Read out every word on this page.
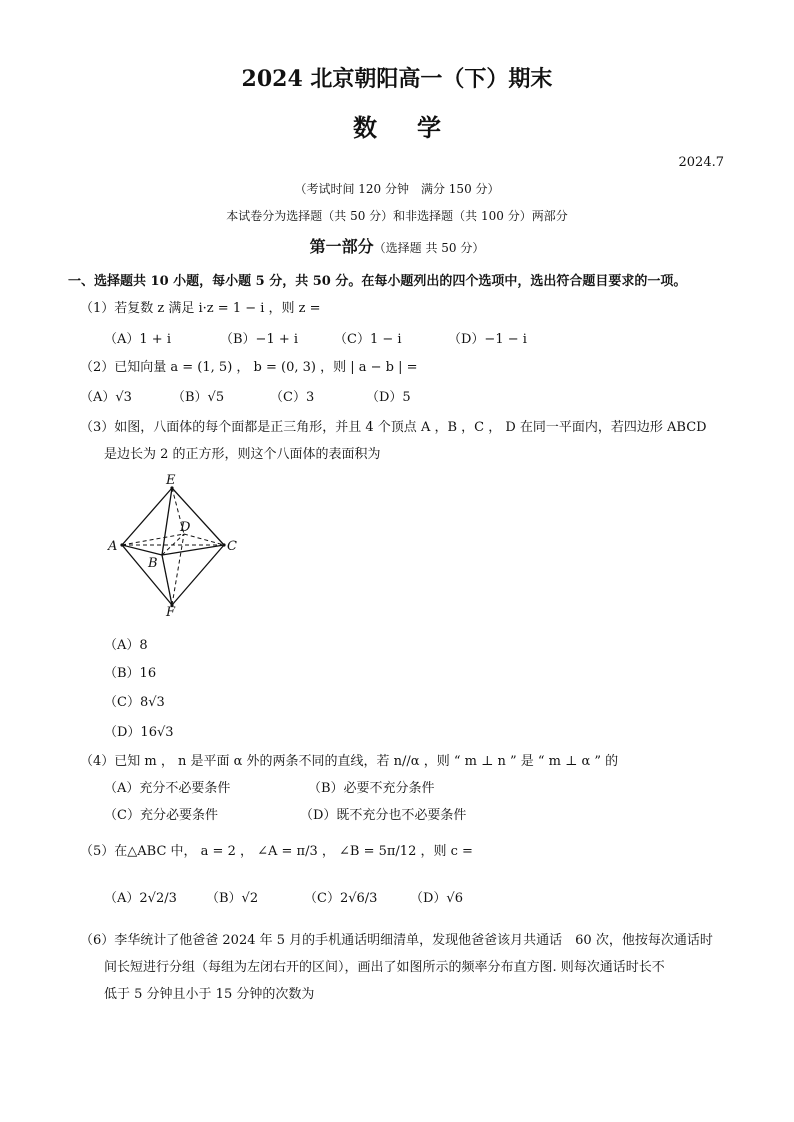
2024 北京朝阳高一（下）期末
数学
2024.7
（考试时间 120 分钟　满分 150 分）
本试卷分为选择题（共 50 分）和非选择题（共 100 分）两部分
第一部分（选择题 共 50 分）
一、选择题共 10 小题，每小题 5 分，共 50 分。在每小题列出的四个选项中，选出符合题目要求的一项。
（1）若复数 z 满足 i·z = 1 − i ，则 z =
（A）1 + i	（B）−1 + i	（C）1 − i	（D）−1 − i
（2）已知向量 a = (1, 5) ， b = (0, 3) ，则 | a − b | =
（A）√3	（B）√5	（C）3	（D）5
（3）如图，八面体的每个面都是正三角形，并且 4 个顶点 A ，B ，C ， D 在同一平面内，若四边形 ABCD
是边长为 2 的正方形，则这个八面体的表面积为
E
D
A	C
B
F
（A）8
（B）16
（C）8√3
（D）16√3
（4）已知 m ， n 是平面 α 外的两条不同的直线，若 n//α ，则 “ m ⊥ n ” 是 “ m ⊥ α ” 的
（A）充分不必要条件	（B）必要不充分条件
（C）充分必要条件	（D）既不充分也不必要条件
（5）在△ABC 中， a = 2 ， ∠A = π/3 ， ∠B = 5π/12 ，则 c =
（A）2√2/3 （B）√2	（C）2√6/3	（D）√6
（6）李华统计了他爸爸 2024 年 5 月的手机通话明细清单，发现他爸爸该月共通话　60 次，他按每次通话时
间长短进行分组（每组为左闭右开的区间），画出了如图所示的频率分布直方图. 则每次通话时长不
低于 5 分钟且小于 15 分钟的次数为
